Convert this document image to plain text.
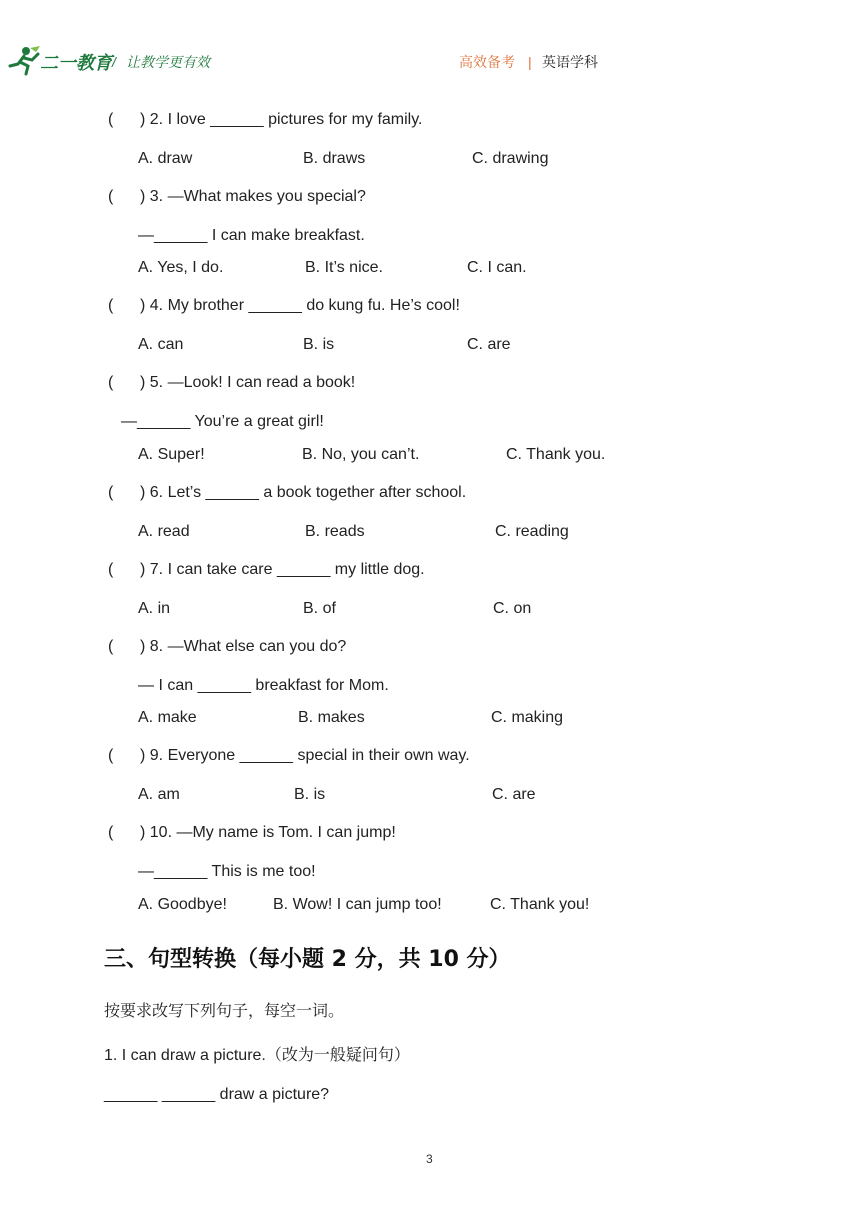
二一教育 / 让教学更有效	高效备考 | 英语学科
( ) 2. I love ______ pictures for my family.
A. draw	B. draws	C. drawing
( ) 3. —What makes you special?
—______ I can make breakfast.
A. Yes, I do.	B. It’s nice.	C. I can.
( ) 4. My brother ______ do kung fu. He’s cool!
A. can	B. is	C. are
( ) 5. —Look! I can read a book!
—______ You’re a great girl!
A. Super!	B. No, you can’t.	C. Thank you.
( ) 6. Let’s ______ a book together after school.
A. read	B. reads	C. reading
( ) 7. I can take care ______ my little dog.
A. in	B. of	C. on
( ) 8. —What else can you do?
— I can ______ breakfast for Mom.
A. make	B. makes	C. making
( ) 9. Everyone ______ special in their own way.
A. am	B. is	C. are
( ) 10. —My name is Tom. I can jump!
—______ This is me too!
A. Goodbye!	B. Wow! I can jump too!	C. Thank you!
三、句型转换（每小题 2 分，共 10 分）
按要求改写下列句子，每空一词。
1. I can draw a picture.（改为一般疑问句）
______ ______ draw a picture?
3
